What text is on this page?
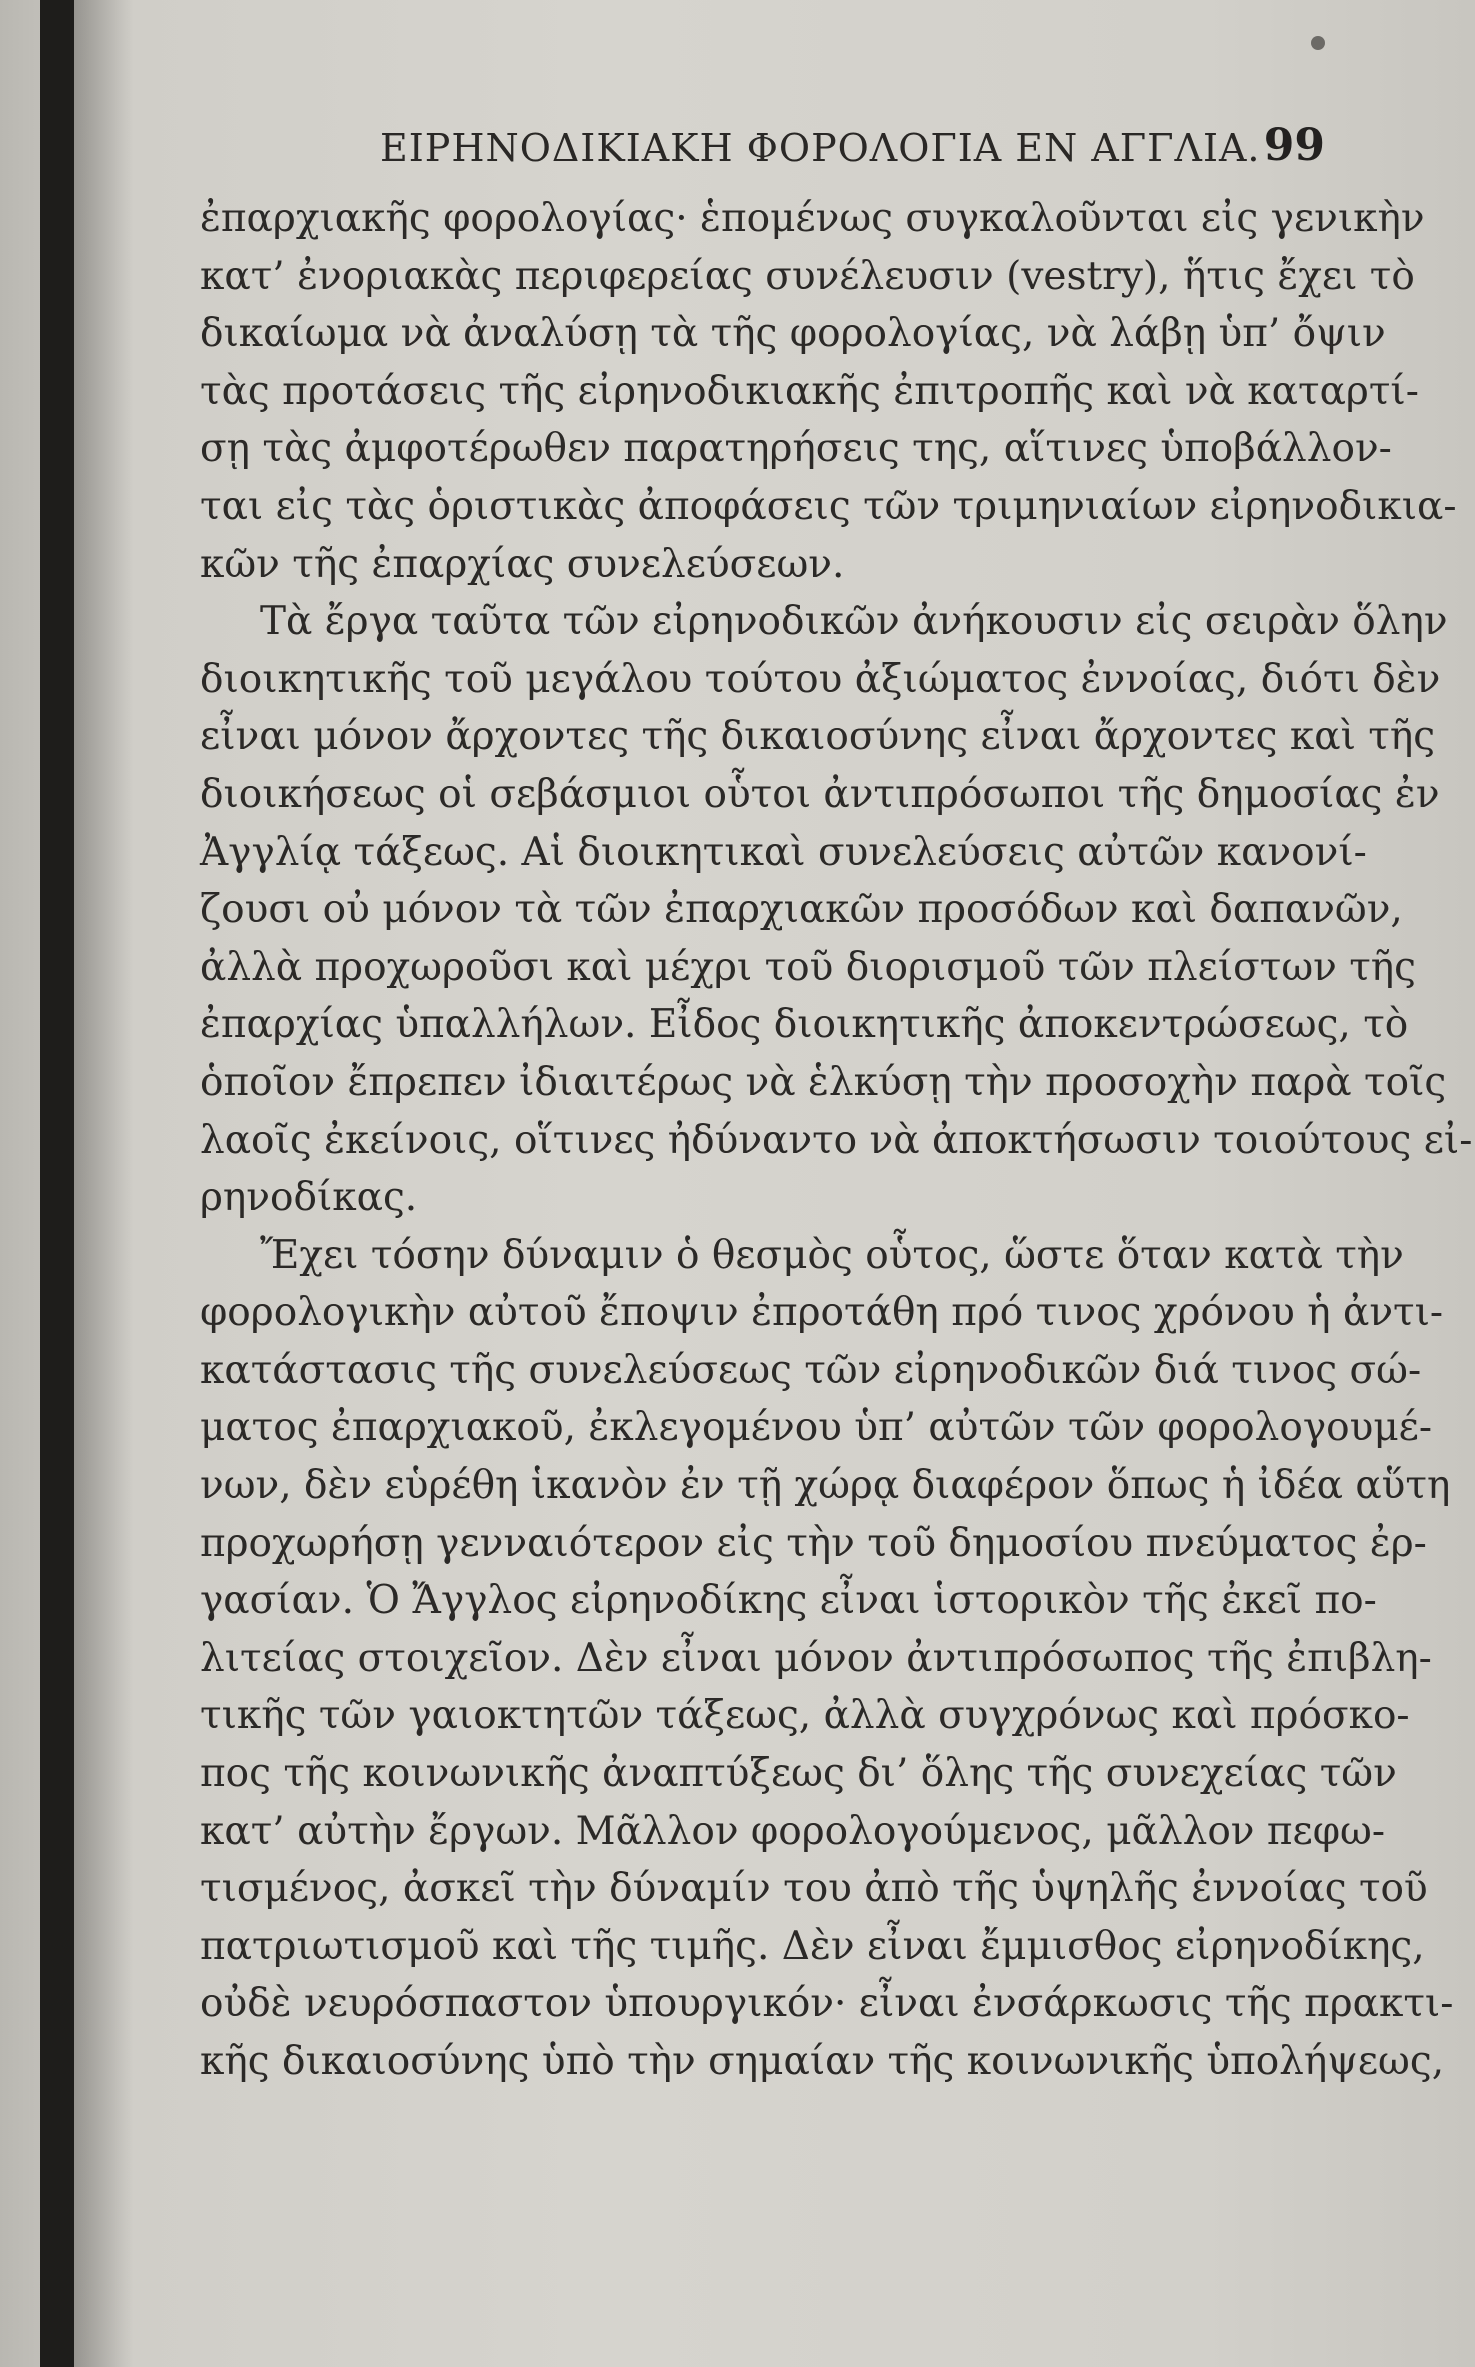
ΕΙΡΗΝΟΔΙΚΙΑΚΗ ΦΟΡΟΛΟΓΙΑ ΕΝ ΑΓΓΛΙΑ. 99
ἐπαρχιακῆς φορολογίας· ἑπομένως συγκαλοῦνται εἰς γενικὴν
κατ’ ἐνοριακὰς περιφερείας συνέλευσιν (vestry), ἥτις ἔχει τὸ
δικαίωμα νὰ ἀναλύσῃ τὰ τῆς φορολογίας, νὰ λάβῃ ὑπ’ ὄψιν
τὰς προτάσεις τῆς εἰρηνοδικιακῆς ἐπιτροπῆς καὶ νὰ καταρτί-
σῃ τὰς ἀμφοτέρωθεν παρατηρήσεις της, αἵτινες ὑποβάλλον-
ται εἰς τὰς ὁριστικὰς ἀποφάσεις τῶν τριμηνιαίων εἰρηνοδικια-
κῶν τῆς ἐπαρχίας συνελεύσεων.
Τὰ ἔργα ταῦτα τῶν εἰρηνοδικῶν ἀνήκουσιν εἰς σειρὰν ὅλην
διοικητικῆς τοῦ μεγάλου τούτου ἀξιώματος ἐννοίας, διότι δὲν
εἶναι μόνον ἄρχοντες τῆς δικαιοσύνης εἶναι ἄρχοντες καὶ τῆς
διοικήσεως οἱ σεβάσμιοι οὗτοι ἀντιπρόσωποι τῆς δημοσίας ἐν
Ἀγγλίᾳ τάξεως. Αἱ διοικητικαὶ συνελεύσεις αὐτῶν κανονί-
ζουσι οὐ μόνον τὰ τῶν ἐπαρχιακῶν προσόδων καὶ δαπανῶν,
ἀλλὰ προχωροῦσι καὶ μέχρι τοῦ διορισμοῦ τῶν πλείστων τῆς
ἐπαρχίας ὑπαλλήλων. Εἶδος διοικητικῆς ἀποκεντρώσεως, τὸ
ὁποῖον ἔπρεπεν ἰδιαιτέρως νὰ ἑλκύσῃ τὴν προσοχὴν παρὰ τοῖς
λαοῖς ἐκείνοις, οἵτινες ἠδύναντο νὰ ἀποκτήσωσιν τοιούτους εἰ-
ρηνοδίκας.
Ἔχει τόσην δύναμιν ὁ θεσμὸς οὗτος, ὥστε ὅταν κατὰ τὴν
φορολογικὴν αὐτοῦ ἔποψιν ἐπροτάθη πρό τινος χρόνου ἡ ἀντι-
κατάστασις τῆς συνελεύσεως τῶν εἰρηνοδικῶν διά τινος σώ-
ματος ἐπαρχιακοῦ, ἐκλεγομένου ὑπ’ αὐτῶν τῶν φορολογουμέ-
νων, δὲν εὑρέθη ἱκανὸν ἐν τῇ χώρᾳ διαφέρον ὅπως ἡ ἰδέα αὕτη
προχωρήσῃ γενναιότερον εἰς τὴν τοῦ δημοσίου πνεύματος ἐρ-
γασίαν. Ὁ Ἄγγλος εἰρηνοδίκης εἶναι ἱστορικὸν τῆς ἐκεῖ πο-
λιτείας στοιχεῖον. Δὲν εἶναι μόνον ἀντιπρόσωπος τῆς ἐπιβλη-
τικῆς τῶν γαιοκτητῶν τάξεως, ἀλλὰ συγχρόνως καὶ πρόσκο-
πος τῆς κοινωνικῆς ἀναπτύξεως δι’ ὅλης τῆς συνεχείας τῶν
κατ’ αὐτὴν ἔργων. Μᾶλλον φορολογούμενος, μᾶλλον πεφω-
τισμένος, ἀσκεῖ τὴν δύναμίν του ἀπὸ τῆς ὑψηλῆς ἐννοίας τοῦ
πατριωτισμοῦ καὶ τῆς τιμῆς. Δὲν εἶναι ἔμμισθος εἰρηνοδίκης,
οὐδὲ νευρόσπαστον ὑπουργικόν· εἶναι ἐνσάρκωσις τῆς πρακτι-
κῆς δικαιοσύνης ὑπὸ τὴν σημαίαν τῆς κοινωνικῆς ὑπολήψεως,
